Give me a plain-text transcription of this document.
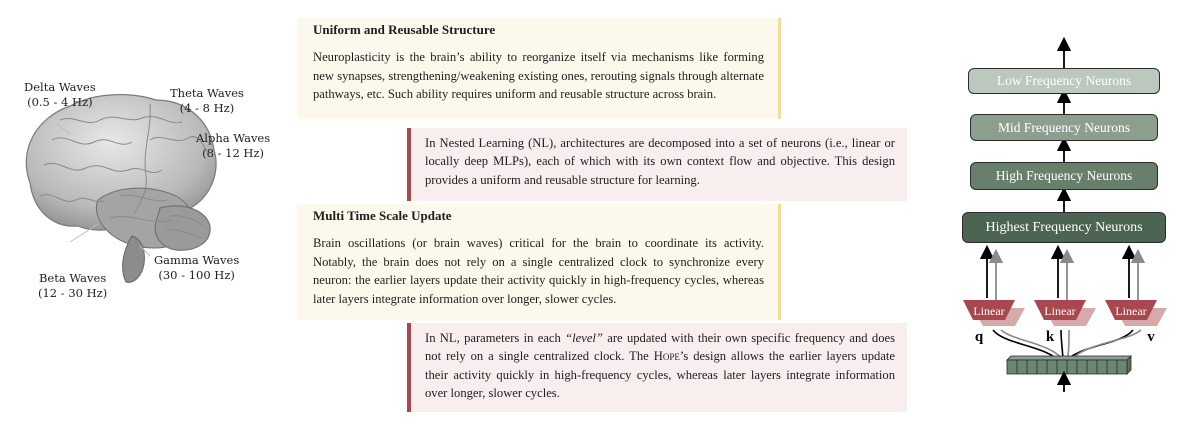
Delta Waves
(0.5 - 4 Hz)
Theta Waves
(4 - 8 Hz)
Alpha Waves
(8 - 12 Hz)
Beta Waves
(12 - 30 Hz)
Gamma Waves
(30 - 100 Hz)
Uniform and Reusable Structure
Neuroplasticity is the brain’s ability to reorganize itself via mechanisms like forming new synapses, strengthening/weakening existing ones, rerouting signals through alternate pathways, etc. Such ability requires uniform and reusable structure across brain.
In Nested Learning (NL), architectures are decomposed into a set of neurons (i.e., linear or locally deep MLPs), each of which with its own context flow and objective. This design provides a uniform and reusable structure for learning.
Multi Time Scale Update
Brain oscillations (or brain waves) critical for the brain to coordinate its activity. Notably, the brain does not rely on a single centralized clock to synchronize every neuron: the earlier layers update their activity quickly in high-frequency cycles, whereas later layers integrate information over longer, slower cycles.
In NL, parameters in each “level” are updated with their own specific frequency and does not rely on a single centralized clock. The Hope’s design allows the earlier layers update their activity quickly in high-frequency cycles, whereas later layers integrate information over longer, slower cycles.
Linear	Linear	Linear
q	k	v
Low Frequency Neurons
Mid Frequency Neurons
High Frequency Neurons
Highest Frequency Neurons
